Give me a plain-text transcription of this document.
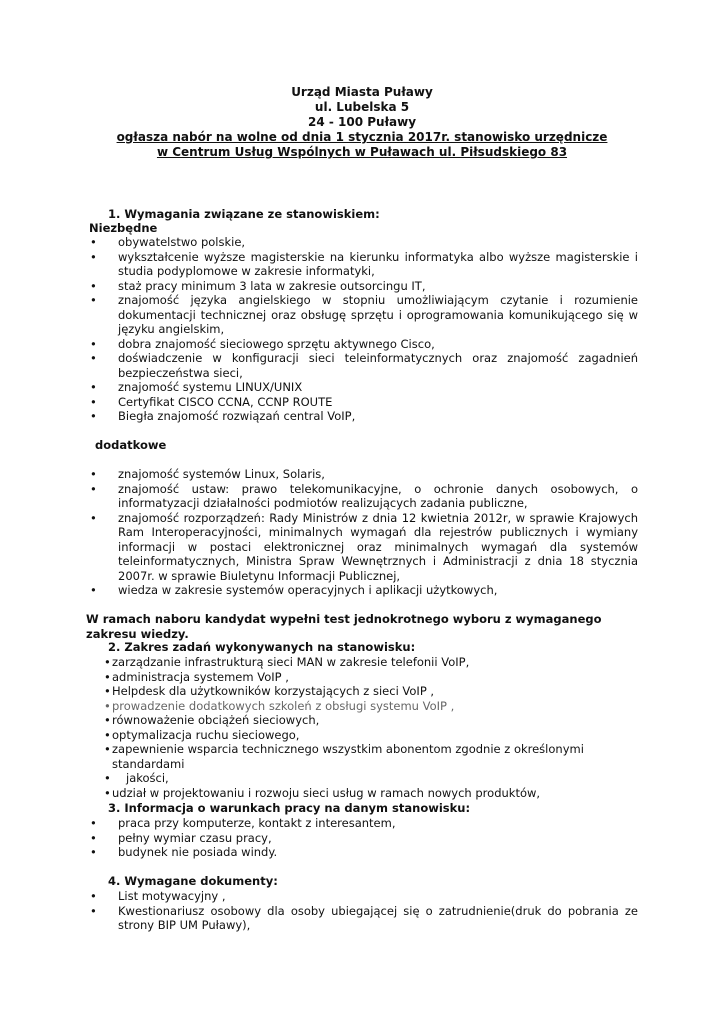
Urząd Miasta Puławy
ul. Lubelska 5
24 - 100 Puławy
ogłasza nabór na wolne od dnia 1 stycznia 2017r. stanowisko urzędnicze
w Centrum Usług Wspólnych w Puławach ul. Piłsudskiego 83
1. Wymagania związane ze stanowiskiem:
Niezbędne
• obywatelstwo polskie,
• wykształcenie wyższe magisterskie na kierunku informatyka albo wyższe magisterskie i studia podyplomowe w zakresie informatyki,
• staż pracy minimum 3 lata w zakresie outsorcingu IT,
• znajomość języka angielskiego w stopniu umożliwiającym czytanie i rozumienie dokumentacji technicznej oraz obsługę sprzętu i oprogramowania komunikującego się w języku angielskim,
• dobra znajomość sieciowego sprzętu aktywnego Cisco,
• doświadczenie w konfiguracji sieci teleinformatycznych oraz znajomość zagadnień bezpieczeństwa sieci,
• znajomość systemu LINUX/UNIX
• Certyfikat CISCO CCNA, CCNP ROUTE
• Biegła znajomość rozwiązań central VoIP,
dodatkowe
• znajomość systemów Linux, Solaris,
• znajomość ustaw: prawo telekomunikacyjne, o ochronie danych osobowych, o informatyzacji działalności podmiotów realizujących zadania publiczne,
• znajomość rozporządzeń: Rady Ministrów z dnia 12 kwietnia 2012r, w sprawie Krajowych Ram Interoperacyjności, minimalnych wymagań dla rejestrów publicznych i wymiany informacji w postaci elektronicznej oraz minimalnych wymagań dla systemów teleinformatycznych, Ministra Spraw Wewnętrznych i Administracji z dnia 18 stycznia 2007r. w sprawie Biuletynu Informacji Publicznej,
• wiedza w zakresie systemów operacyjnych i aplikacji użytkowych,
W ramach naboru kandydat wypełni test jednokrotnego wyboru z wymaganego zakresu wiedzy.
2. Zakres zadań wykonywanych na stanowisku:
• zarządzanie infrastrukturą sieci MAN w zakresie telefonii VoIP,
• administracja systemem VoIP ,
• Helpdesk dla użytkowników korzystających z sieci VoIP ,
• prowadzenie dodatkowych szkoleń z obsługi systemu VoIP ,
• równoważenie obciążeń sieciowych,
• optymalizacja ruchu sieciowego,
• zapewnienie wsparcia technicznego wszystkim abonentom zgodnie z określonymi standardami
• jakości,
• udział w projektowaniu i rozwoju sieci usług w ramach nowych produktów,
3. Informacja o warunkach pracy na danym stanowisku:
• praca przy komputerze, kontakt z interesantem,
• pełny wymiar czasu pracy,
• budynek nie posiada windy.
4. Wymagane dokumenty:
• List motywacyjny ,
• Kwestionariusz osobowy dla osoby ubiegającej się o zatrudnienie(druk do pobrania ze strony BIP UM Puławy),
